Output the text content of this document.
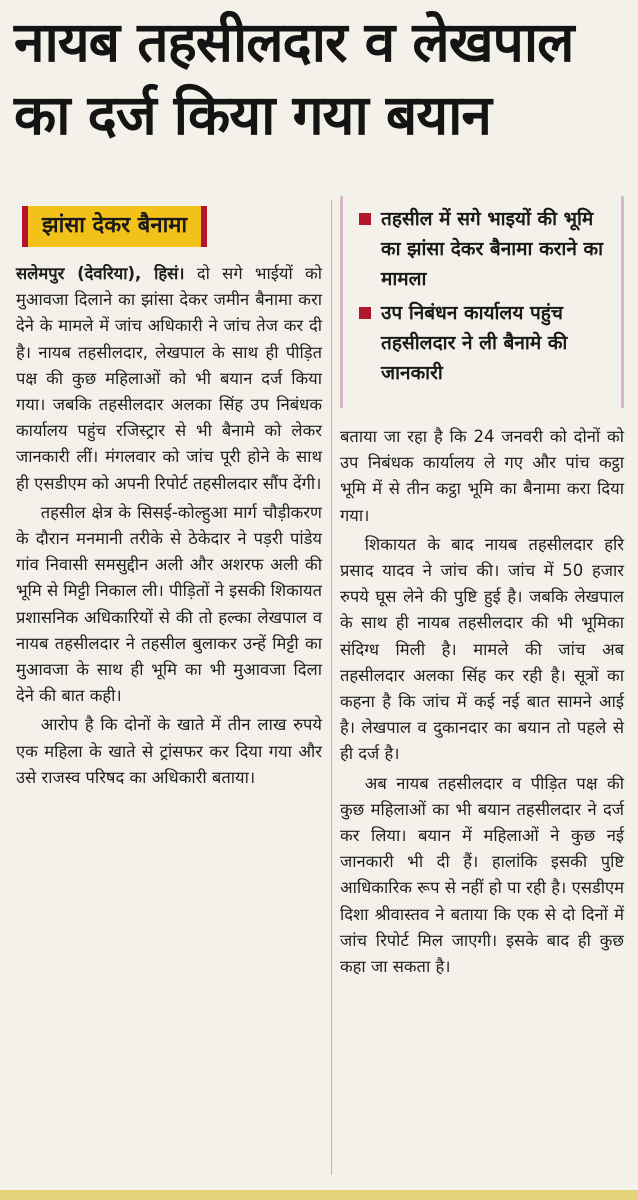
नायब तहसीलदार व लेखपाल का दर्ज किया गया बयान
झांसा देकर बैनामा

सलेमपुर (देवरिया), हिसं। दो सगे भाईयों को मुआवजा दिलाने का झांसा देकर जमीन बैनामा करा देने के मामले में जांच अधिकारी ने जांच तेज कर दी है। नायब तहसीलदार, लेखपाल के साथ ही पीड़ित पक्ष की कुछ महिलाओं को भी बयान दर्ज किया गया। जबकि तहसीलदार अलका सिंह उप निबंधक कार्यालय पहुंच रजिस्ट्रार से भी बैनामे को लेकर जानकारी लीं। मंगलवार को जांच पूरी होने के साथ ही एसडीएम को अपनी रिपोर्ट तहसीलदार सौंप देंगी।

तहसील क्षेत्र के सिसई-कोल्हुआ मार्ग चौड़ीकरण के दौरान मनमानी तरीके से ठेकेदार ने पड़री पांडेय गांव निवासी समसुद्दीन अली और अशरफ अली की भूमि से मिट्टी निकाल ली। पीड़ितों ने इसकी शिकायत प्रशासनिक अधिकारियों से की तो हल्का लेखपाल व नायब तहसीलदार ने तहसील बुलाकर उन्हें मिट्टी का मुआवजा के साथ ही भूमि का भी मुआवजा दिला देने की बात कही।

आरोप है कि दोनों के खाते में तीन लाख रुपये एक महिला के खाते से ट्रांसफर कर दिया गया और उसे राजस्व परिषद का अधिकारी बताया।

तहसील में सगे भाइयों की भूमि का झांसा देकर बैनामा कराने का मामला
उप निबंधन कार्यालय पहुंच तहसीलदार ने ली बैनामे की जानकारी

बताया जा रहा है कि 24 जनवरी को दोनों को उप निबंधक कार्यालय ले गए और पांच कट्ठा भूमि में से तीन कट्ठा भूमि का बैनामा करा दिया गया।

शिकायत के बाद नायब तहसीलदार हरि प्रसाद यादव ने जांच की। जांच में 50 हजार रुपये घूस लेने की पुष्टि हुई है। जबकि लेखपाल के साथ ही नायब तहसीलदार की भी भूमिका संदिग्ध मिली है। मामले की जांच अब तहसीलदार अलका सिंह कर रही है। सूत्रों का कहना है कि जांच में कई नई बात सामने आई है। लेखपाल व दुकानदार का बयान तो पहले से ही दर्ज है।

अब नायब तहसीलदार व पीड़ित पक्ष की कुछ महिलाओं का भी बयान तहसीलदार ने दर्ज कर लिया। बयान में महिलाओं ने कुछ नई जानकारी भी दी हैं। हालांकि इसकी पुष्टि आधिकारिक रूप से नहीं हो पा रही है। एसडीएम दिशा श्रीवास्तव ने बताया कि एक से दो दिनों में जांच रिपोर्ट मिल जाएगी। इसके बाद ही कुछ कहा जा सकता है।
